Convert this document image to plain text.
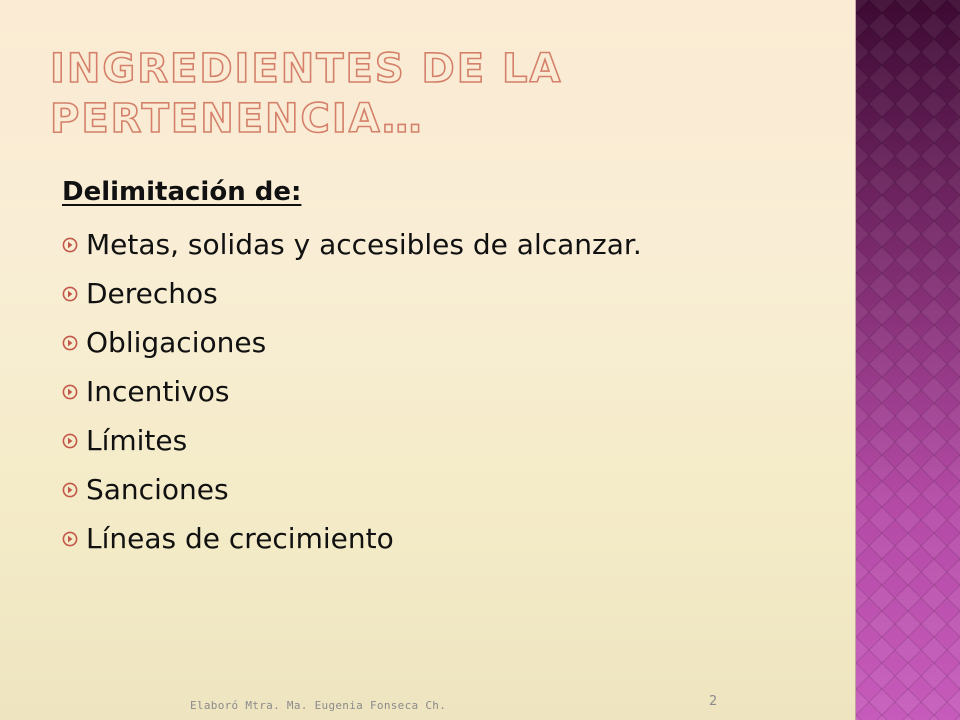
INGREDIENTES DE LA
PERTENENCIA…

Delimitación de:

Metas, solidas y accesibles de alcanzar.
Derechos
Obligaciones
Incentivos
Límites
Sanciones
Líneas de crecimiento
Elaboró Mtra. Ma. Eugenia Fonseca Ch.	2
